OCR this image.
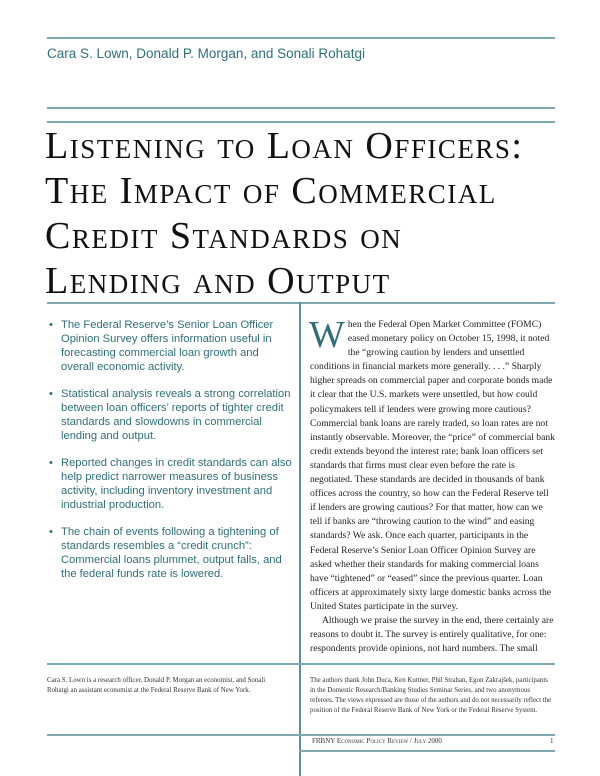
Cara S. Lown, Donald P. Morgan, and Sonali Rohatgi
Listening to Loan Officers:
The Impact of Commercial
Credit Standards on
Lending and Output
• The Federal Reserve’s Senior Loan Officer Opinion Survey offers information useful in forecasting commercial loan growth and overall economic activity.
• Statistical analysis reveals a strong correlation between loan officers’ reports of tighter credit standards and slowdowns in commercial lending and output.
• Reported changes in credit standards can also help predict narrower measures of business activity, including inventory investment and industrial production.
• The chain of events following a tightening of standards resembles a “credit crunch”: Commercial loans plummet, output falls, and the federal funds rate is lowered.

When the Federal Open Market Committee (FOMC) eased monetary policy on October 15, 1998, it noted the “growing caution by lenders and unsettled conditions in financial markets more generally. . . .” Sharply higher spreads on commercial paper and corporate bonds made it clear that the U.S. markets were unsettled, but how could policymakers tell if lenders were growing more cautious? Commercial bank loans are rarely traded, so loan rates are not instantly observable. Moreover, the “price” of commercial bank credit extends beyond the interest rate; bank loan officers set standards that firms must clear even before the rate is negotiated. These standards are decided in thousands of bank offices across the country, so how can the Federal Reserve tell if lenders are growing cautious? For that matter, how can we tell if banks are “throwing caution to the wind” and easing standards? We ask. Once each quarter, participants in the Federal Reserve’s Senior Loan Officer Opinion Survey are asked whether their standards for making commercial loans have “tightened” or “eased” since the previous quarter. Loan officers at approximately sixty large domestic banks across the United States participate in the survey.

Although we praise the survey in the end, there certainly are reasons to doubt it. The survey is entirely qualitative, for one: respondents provide opinions, not hard numbers. The small

Cara S. Lown is a research officer, Donald P. Morgan an economist, and Sonali Rohatgi an assistant economist at the Federal Reserve Bank of New York.
The authors thank John Duca, Ken Kuttner, Phil Strahan, Egon Zakrajšek, participants in the Domestic Research/Banking Studies Seminar Series, and two anonymous referees. The views expressed are those of the authors and do not necessarily reflect the position of the Federal Reserve Bank of New York or the Federal Reserve System.
FRBNY Economic Policy Review / July 2000	1
